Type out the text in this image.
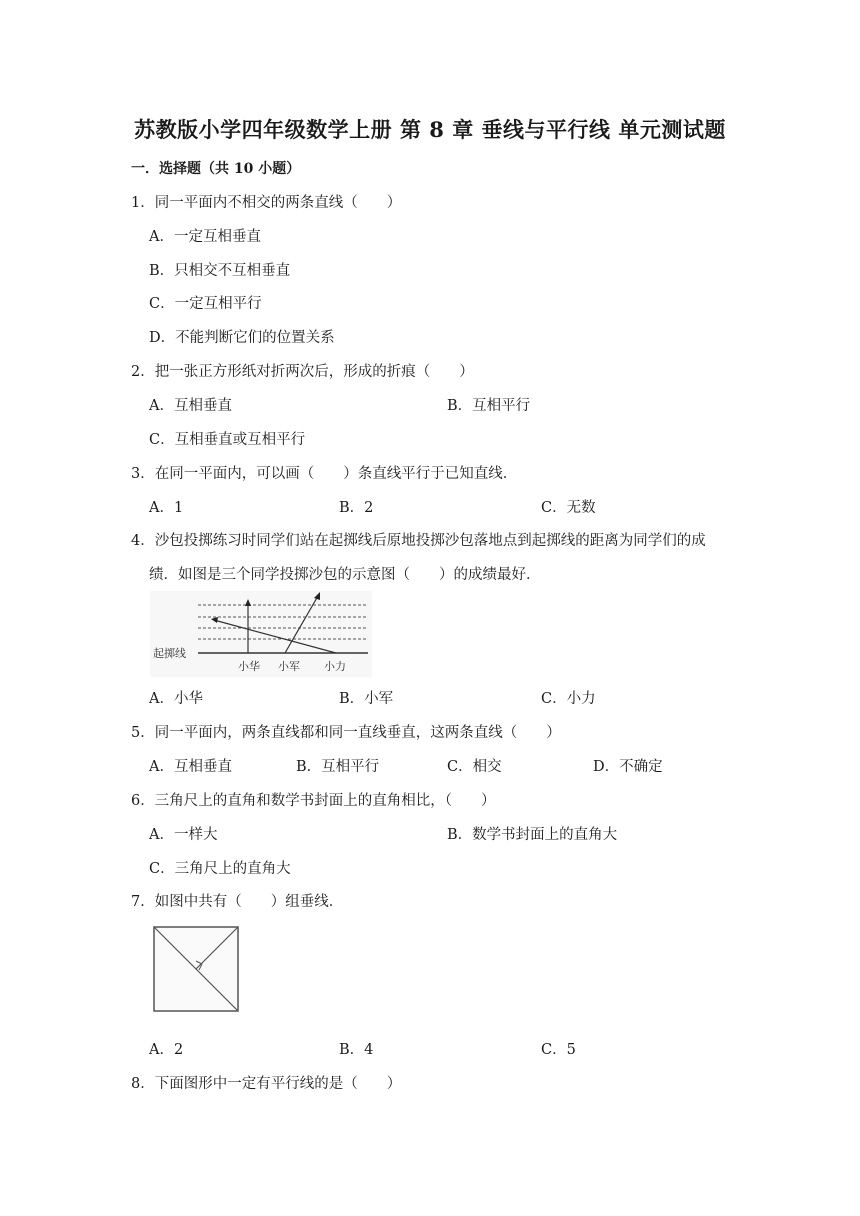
苏教版小学四年级数学上册 第 8 章 垂线与平行线 单元测试题
一．选择题（共 10 小题）
1．同一平面内不相交的两条直线（　　）
A．一定互相垂直
B．只相交不互相垂直
C．一定互相平行
D．不能判断它们的位置关系
2．把一张正方形纸对折两次后，形成的折痕（　　）
A．互相垂直	B．互相平行
C．互相垂直或互相平行
3．在同一平面内，可以画（　　）条直线平行于已知直线．
A．1	B．2	C．无数
4．沙包投掷练习时同学们站在起掷线后原地投掷沙包落地点到起掷线的距离为同学们的成
绩．如图是三个同学投掷沙包的示意图（　　）的成绩最好．
起掷线
小华 小军 小力
A．小华	B．小军	C．小力
5．同一平面内，两条直线都和同一直线垂直，这两条直线（　　）
A．互相垂直	B．互相平行	C．相交	D．不确定
6．三角尺上的直角和数学书封面上的直角相比，（　　）
A．一样大	B．数学书封面上的直角大
C．三角尺上的直角大
7．如图中共有（　　）组垂线．
A．2	B．4	C．5
8．下面图形中一定有平行线的是（　　）
